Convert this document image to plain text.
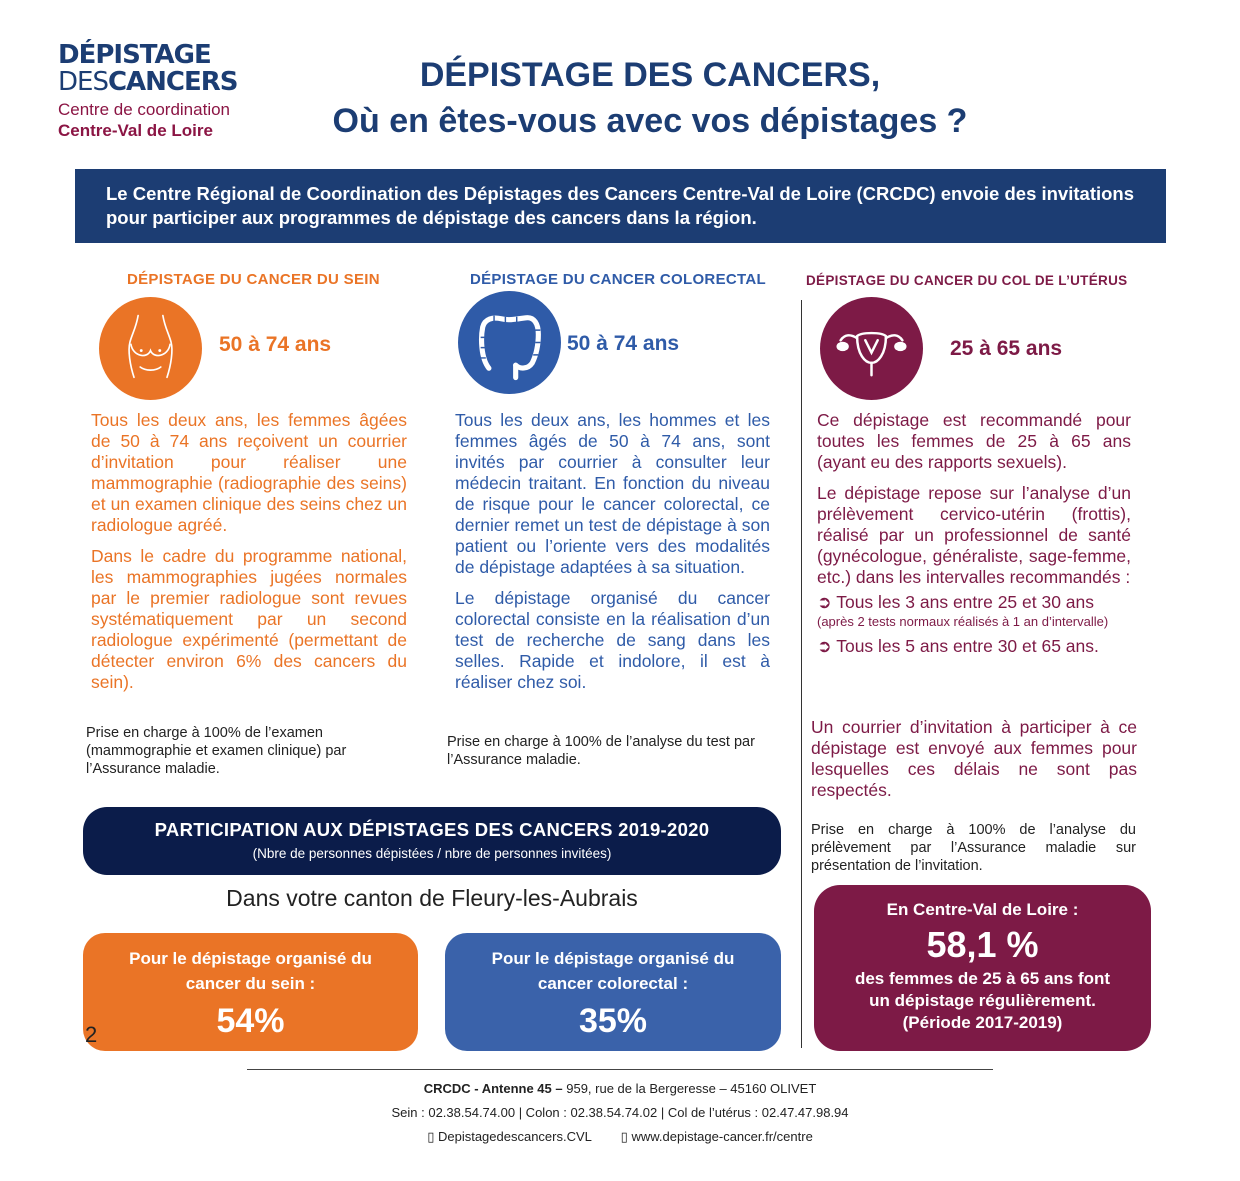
DÉPISTAGE
DESCANCERS
Centre de coordination
Centre-Val de Loire
DÉPISTAGE DES CANCERS,
Où en êtes-vous avec vos dépistages ?
Le Centre Régional de Coordination des Dépistages des Cancers Centre-Val de Loire (CRCDC) envoie des invitations pour participer aux programmes de dépistage des cancers dans la région.
DÉPISTAGE DU CANCER DU SEIN	DÉPISTAGE DU CANCER COLORECTAL	DÉPISTAGE DU CANCER DU COL DE L’UTÉRUS
50 à 74 ans	50 à 74 ans	25 à 65 ans

Tous les deux ans, les femmes âgées de 50 à 74 ans reçoivent un courrier d’invitation pour réaliser une mammographie (radiographie des seins) et un examen clinique des seins chez un radiologue agréé.

Dans le cadre du programme national, les mammographies jugées normales par le premier radiologue sont revues systématiquement par un second radiologue expérimenté (permettant de détecter environ 6% des cancers du sein).

Prise en charge à 100% de l’examen (mammographie et examen clinique) par l’Assurance maladie.

Tous les deux ans, les hommes et les femmes âgés de 50 à 74 ans, sont invités par courrier à consulter leur médecin traitant. En fonction du niveau de risque pour le cancer colorectal, ce dernier remet un test de dépistage à son patient ou l’oriente vers des modalités de dépistage adaptées à sa situation.

Le dépistage organisé du cancer colorectal consiste en la réalisation d’un test de recherche de sang dans les selles. Rapide et indolore, il est à réaliser chez soi.

Prise en charge à 100% de l’analyse du test par l’Assurance maladie.

Ce dépistage est recommandé pour toutes les femmes de 25 à 65 ans (ayant eu des rapports sexuels).

Le dépistage repose sur l’analyse d’un prélèvement cervico-utérin (frottis), réalisé par un professionnel de santé (gynécologue, généraliste, sage-femme, etc.) dans les intervalles recommandés :

➲ Tous les 3 ans entre 25 et 30 ans
(après 2 tests normaux réalisés à 1 an d’intervalle)
➲ Tous les 5 ans entre 30 et 65 ans.
Un courrier d’invitation à participer à ce dépistage est envoyé aux femmes pour lesquelles ces délais ne sont pas respectés.
Prise en charge à 100% de l’analyse du prélèvement par l’Assurance maladie sur présentation de l’invitation.
PARTICIPATION AUX DÉPISTAGES DES CANCERS 2019-2020
(Nbre de personnes dépistées / nbre de personnes invitées)
Dans votre canton de Fleury-les-Aubrais
Pour le dépistage organisé du cancer du sein :
54%
Pour le dépistage organisé du cancer colorectal :
35%
2
En Centre-Val de Loire :
58,1 %
des femmes de 25 à 65 ans font
un dépistage régulièrement.
(Période 2017-2019)
CRCDC - Antenne 45 – 959, rue de la Bergeresse – 45160 OLIVET
Sein : 02.38.54.74.00 | Colon : 02.38.54.74.02 | Col de l’utérus : 02.47.47.98.94
▯ Depistagedescancers.CVL ▯ www.depistage-cancer.fr/centre
